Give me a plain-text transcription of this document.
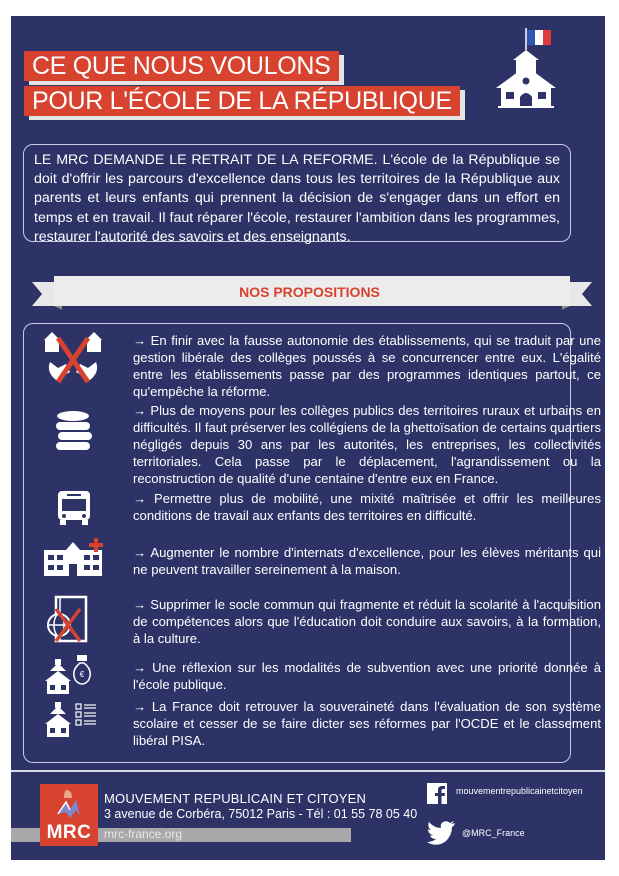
CE QUE NOUS VOULONS
POUR L'ÉCOLE DE LA RÉPUBLIQUE
LE MRC DEMANDE LE RETRAIT DE LA REFORME. L'école de la République se doit d'offrir les parcours d'excellence dans tous les territoires de la République aux parents et leurs enfants qui prennent la décision de s'engager dans un effort en temps et en travail. Il faut réparer l'école, restaurer l'ambition dans les programmes, restaurer l'autorité des savoirs et des enseignants.
NOS PROPOSITIONS
€
→ En finir avec la fausse autonomie des établissements, qui se traduit par une gestion libérale des collèges poussés à se concurrencer entre eux. L'égalité entre les établissements passe par des programmes identiques partout, ce qu'empêche la réforme.
→ Plus de moyens pour les collèges publics des territoires ruraux et urbains en difficultés. Il faut préserver les collégiens de la ghettoïsation de certains quartiers négligés depuis 30 ans par les autorités, les entreprises, les collectivités territoriales. Cela passe par le déplacement, l'agrandissement ou la reconstruction de qualité d'une centaine d'entre eux en France.
→ Permettre plus de mobilité, une mixité maîtrisée et offrir les meilleures conditions de travail aux enfants des territoires en difficulté.
→ Augmenter le nombre d'internats d'excellence, pour les élèves méritants qui ne peuvent travailler sereinement à la maison.
→ Supprimer le socle commun qui fragmente et réduit la scolarité à l'acquisition de compétences alors que l'éducation doit conduire aux savoirs, à la formation, à la culture.
→ Une réflexion sur les modalités de subvention avec une priorité donnée à l'école publique.
→ La France doit retrouver la souveraineté dans l'évaluation de son système scolaire et cesser de se faire dicter ses réformes par l'OCDE et le classement libéral PISA.
MRC
MOUVEMENT REPUBLICAIN ET CITOYEN
3 avenue de Corbéra, 75012 Paris - Tél : 01 55 78 05 40
mrc-france.org
mouvementrepublicainetcitoyen
@MRC_France
